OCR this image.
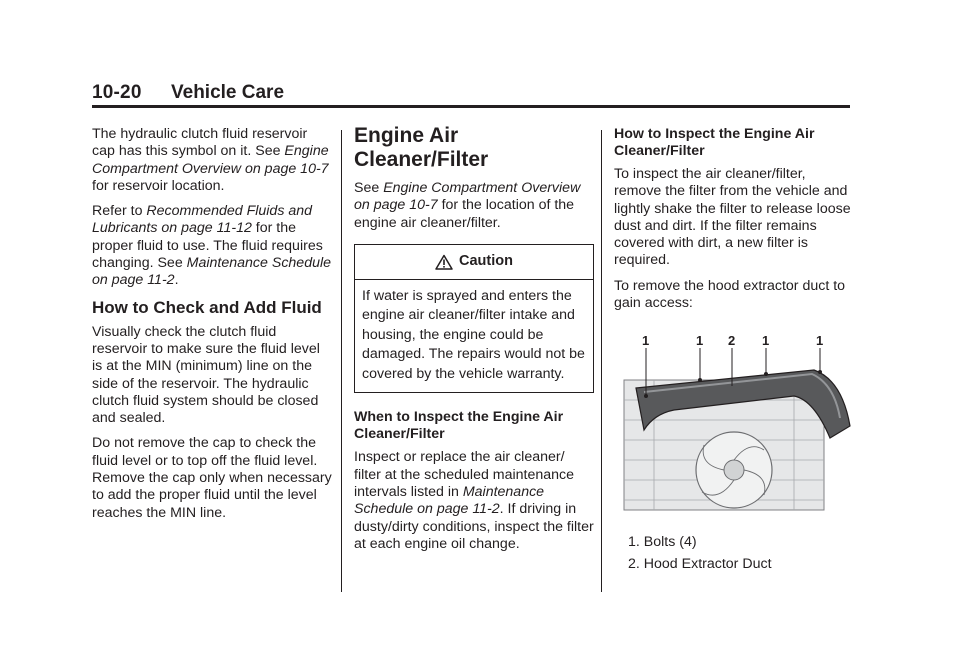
10-20 Vehicle Care

The hydraulic clutch fluid reservoir cap has this symbol on it. See Engine Compartment Overview on page 10-7 for reservoir location.

Refer to Recommended Fluids and Lubricants on page 11-12 for the proper fluid to use. The fluid requires changing. See Maintenance Schedule on page 11-2.

How to Check and Add Fluid

Visually check the clutch fluid reservoir to make sure the fluid level is at the MIN (minimum) line on the side of the reservoir. The hydraulic clutch fluid system should be closed and sealed.

Do not remove the cap to check the fluid level or to top off the fluid level. Remove the cap only when necessary to add the proper fluid until the level reaches the MIN line.

Engine Air Cleaner/Filter

See Engine Compartment Overview on page 10-7 for the location of the engine air cleaner/filter.

Caution
If water is sprayed and enters the engine air cleaner/filter intake and housing, the engine could be damaged. The repairs would not be covered by the vehicle warranty.
When to Inspect the Engine Air Cleaner/Filter

Inspect or replace the air cleaner/ filter at the scheduled maintenance intervals listed in Maintenance Schedule on page 11-2. If driving in dusty/dirty conditions, inspect the filter at each engine oil change.

How to Inspect the Engine Air Cleaner/Filter

To inspect the air cleaner/filter, remove the filter from the vehicle and lightly shake the filter to release loose dust and dirt. If the filter remains covered with dirt, a new filter is required.

To remove the hood extractor duct to gain access:

1	1 2 1	1
1. Bolts (4)
2. Hood Extractor Duct
